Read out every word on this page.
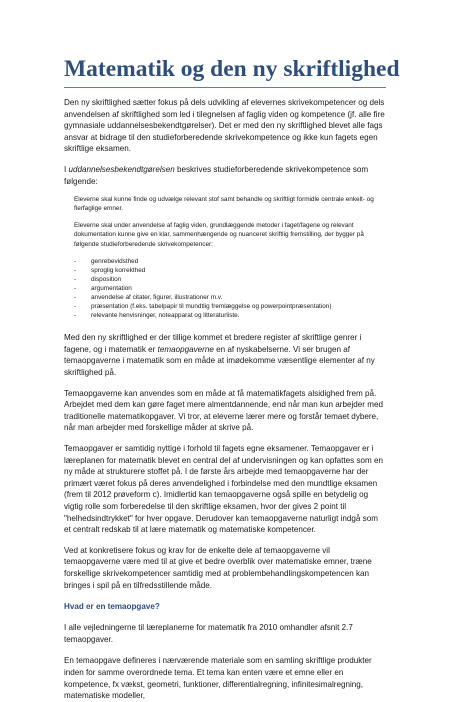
Matematik og den ny skriftlighed

Den ny skriftlighed sætter fokus på dels udvikling af elevernes skrivekompetencer og dels anvendelsen af skriftlighed som led i tilegnelsen af faglig viden og kompetence (jf. alle fire gymnasiale uddannelsesbekendtgørelser). Det er med den ny skriftlighed blevet alle fags ansvar at bidrage til den studieforberedende skrivekompetence og ikke kun fagets egen skriftlige eksamen.

I uddannelsesbekendtgørelsen beskrives studieforberedende skrivekompetence som følgende:

Eleverne skal kunne finde og udvælge relevant stof samt behandle og skriftligt formidle centrale enkelt- og flerfaglige emner.

Eleverne skal under anvendelse af faglig viden, grundlæggende metoder i faget/fagene og relevant dokumentation kunne give en klar, sammenhængende og nuanceret skriftlig fremstilling, der bygger på følgende studieforberedende skrivekompetencer:

-	genrebevidsthed
-	sproglig korrekthed
-	disposition
-	argumentation
-	anvendelse af citater, figurer, illustrationer m.v.
-	præsentation (f.eks. tabelpapir til mundtlig fremlæggelse og powerpointpræsentation)
-	relevante henvisninger, noteapparat og litteraturliste.

Med den ny skriftlighed er der tillige kommet et bredere register af skriftlige genrer i fagene, og i matematik er temaopgaverne en af nyskabelserne. Vi ser brugen af temaopgaverne i matematik som en måde at imødekomme væsentlige elementer af ny skriftlighed på.

Temaopgaverne kan anvendes som en måde at få matematikfagets alsidighed frem på. Arbejdet med dem kan gøre faget mere almentdannende, end når man kun arbejder med traditionelle matematikopgaver. Vi tror, at eleverne lærer mere og forstår temaet dybere, når man arbejder med forskellige måder at skrive på.

Temaopgaver er samtidig nyttige i forhold til fagets egne eksamener. Temaopgaver er i læreplanen for matematik blevet en central del af undervisningen og kan opfattes som en ny måde at strukturere stoffet på. I de første års arbejde med temaopgaverne har der primært været fokus på deres anvendelighed i forbindelse med den mundtlige eksamen (frem til 2012 prøveform c). Imidlertid kan temaopgaverne også spille en betydelig og vigtig rolle som forberedelse til den skriftlige eksamen, hvor der gives 2 point til "helhedsindtrykket" for hver opgave. Derudover kan temaopgaverne naturligt indgå som et centralt redskab til at lære matematik og matematiske kompetencer.

Ved at konkretisere fokus og krav for de enkelte dele af temaopgaverne vil temaopgaverne være med til at give et bedre overblik over matematiske emner, træne forskellige skrivekompetencer samtidig med at problembehandlingskompetencen kan bringes i spil på en tilfredsstillende måde.

Hvad er en temaopgave?

I alle vejledningerne til læreplanerne for matematik fra 2010 omhandler afsnit 2.7 temaopgaver.

En temaopgave defineres i nærværende materiale som en samling skriftlige produkter inden for samme overordnede tema. Et tema kan enten være et emne eller en kompetence, fx vækst, geometri, funktioner, differentialregning, infinitesimalregning, matematiske modeller,
